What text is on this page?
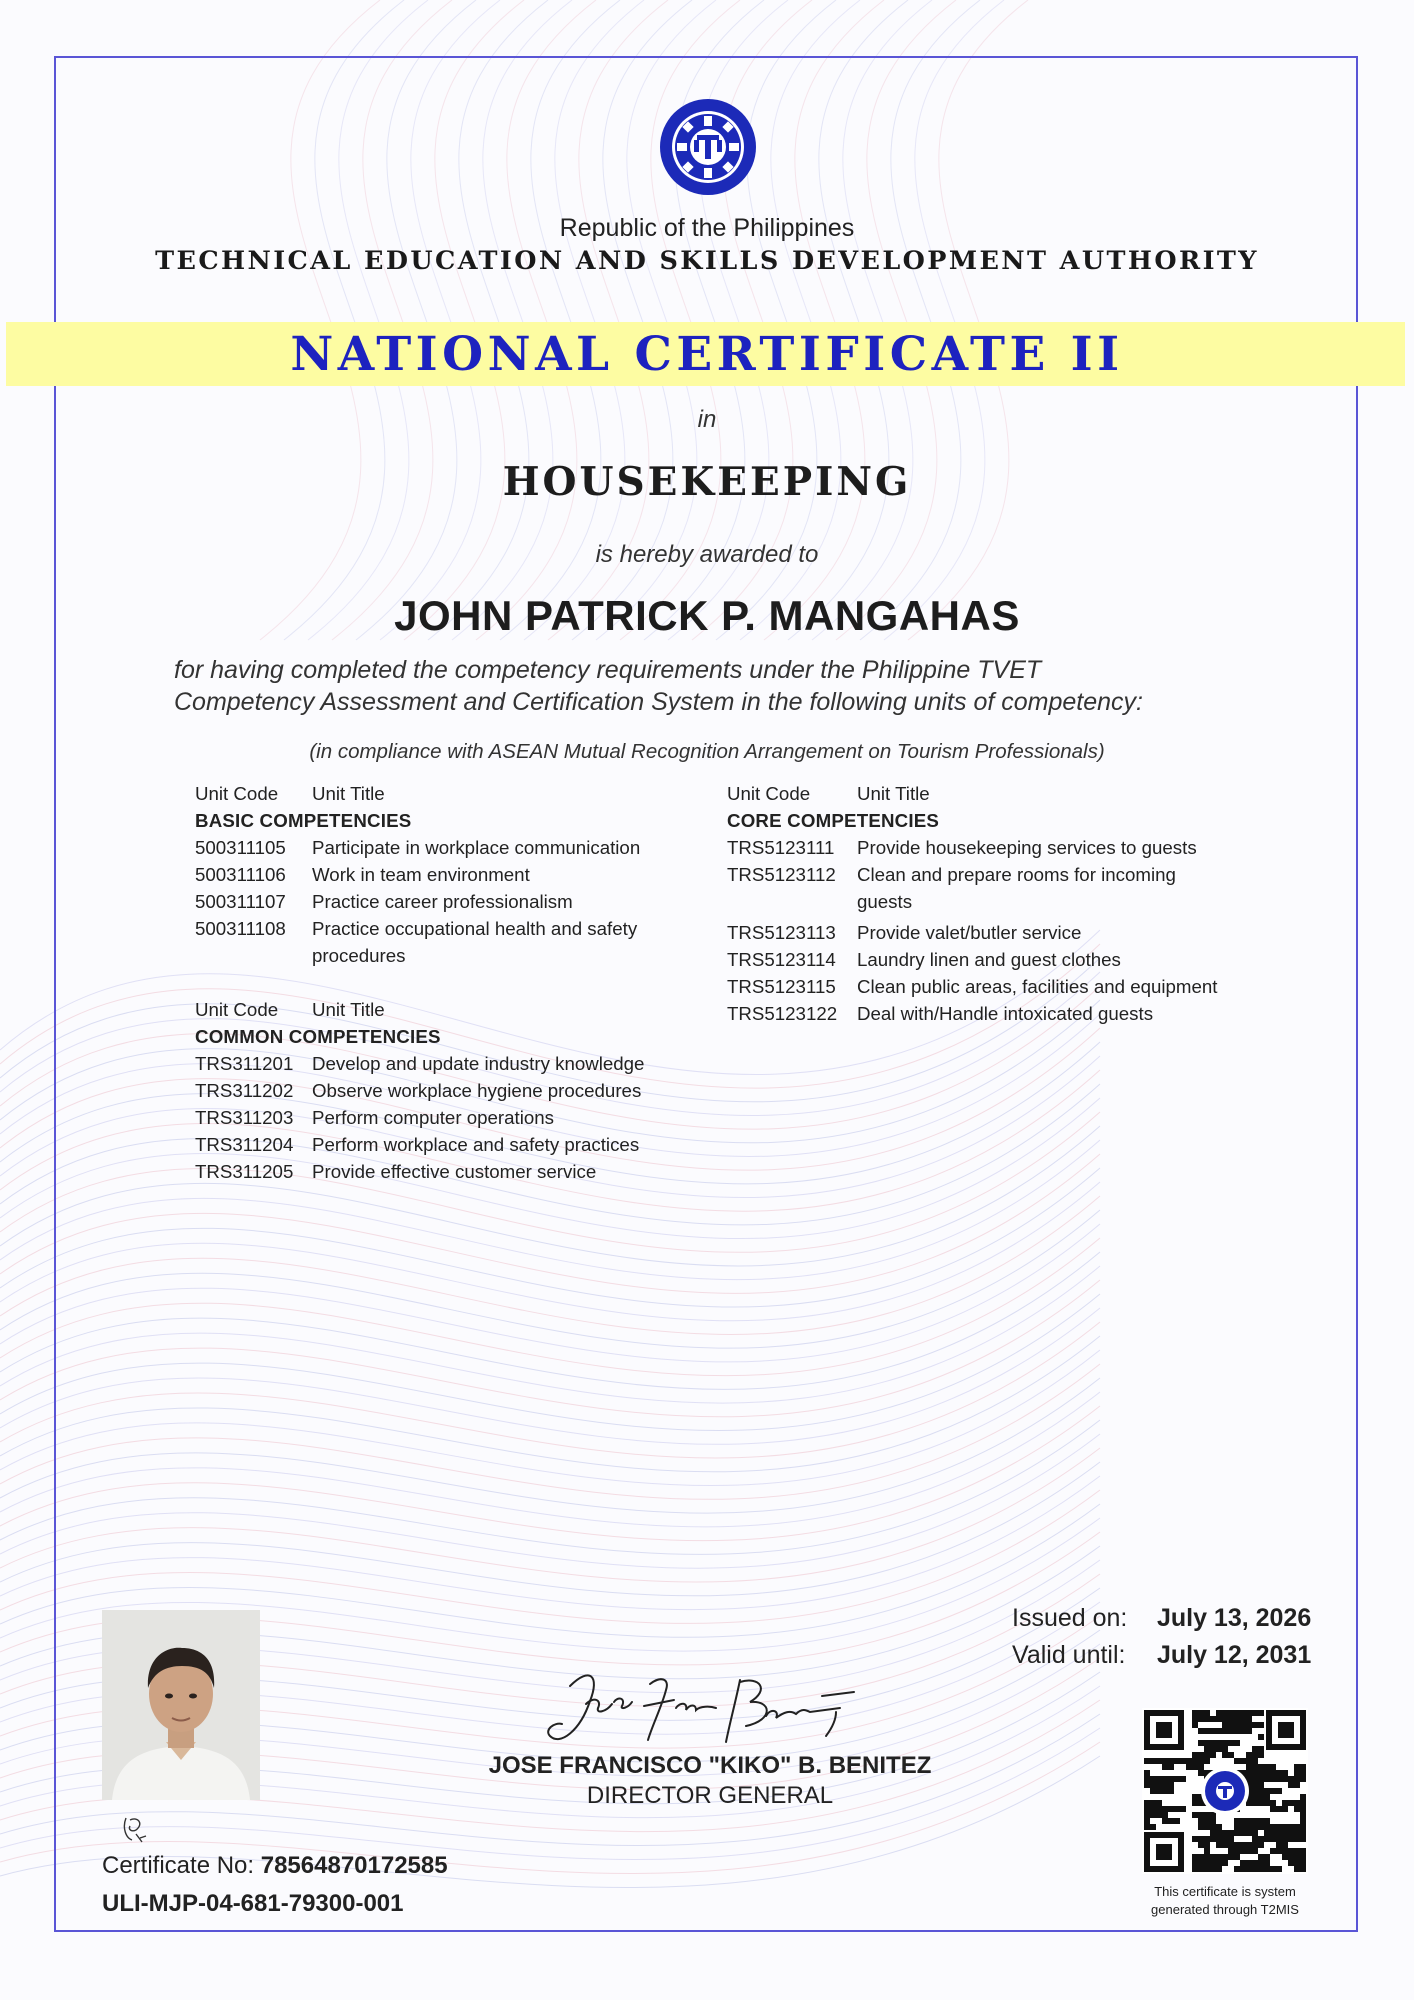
Republic of the Philippines
TECHNICAL EDUCATION AND SKILLS DEVELOPMENT AUTHORITY
NATIONAL CERTIFICATE II
in
HOUSEKEEPING
is hereby awarded to
JOHN PATRICK P. MANGAHAS
for having completed the competency requirements under the Philippine TVET
Competency Assessment and Certification System in the following units of competency:
(in compliance with ASEAN Mutual Recognition Arrangement on Tourism Professionals)
Unit Code	Unit Title
BASIC COMPETENCIES
500311105	Participate in workplace communication
500311106	Work in team environment
500311107	Practice career professionalism
500311108	Practice occupational health and safety procedures
Unit Code	Unit Title
COMMON COMPETENCIES
TRS311201 Develop and update industry knowledge
TRS311202 Observe workplace hygiene procedures
TRS311203 Perform computer operations
TRS311204 Perform workplace and safety practices
TRS311205 Provide effective customer service
Unit Code	Unit Title
CORE COMPETENCIES
TRS5123111	Provide housekeeping services to guests
TRS5123112	Clean and prepare rooms for incoming guests
TRS5123113	Provide valet/butler service
TRS5123114	Laundry linen and guest clothes
TRS5123115	Clean public areas, facilities and equipment
TRS5123122	Deal with/Handle intoxicated guests
Certificate No: 78564870172585
ULI-MJP-04-681-79300-001
JOSE FRANCISCO "KIKO" B. BENITEZ
DIRECTOR GENERAL
Issued on: July 13, 2026
Valid until: July 12, 2031
This certificate is system
generated through T2MIS
